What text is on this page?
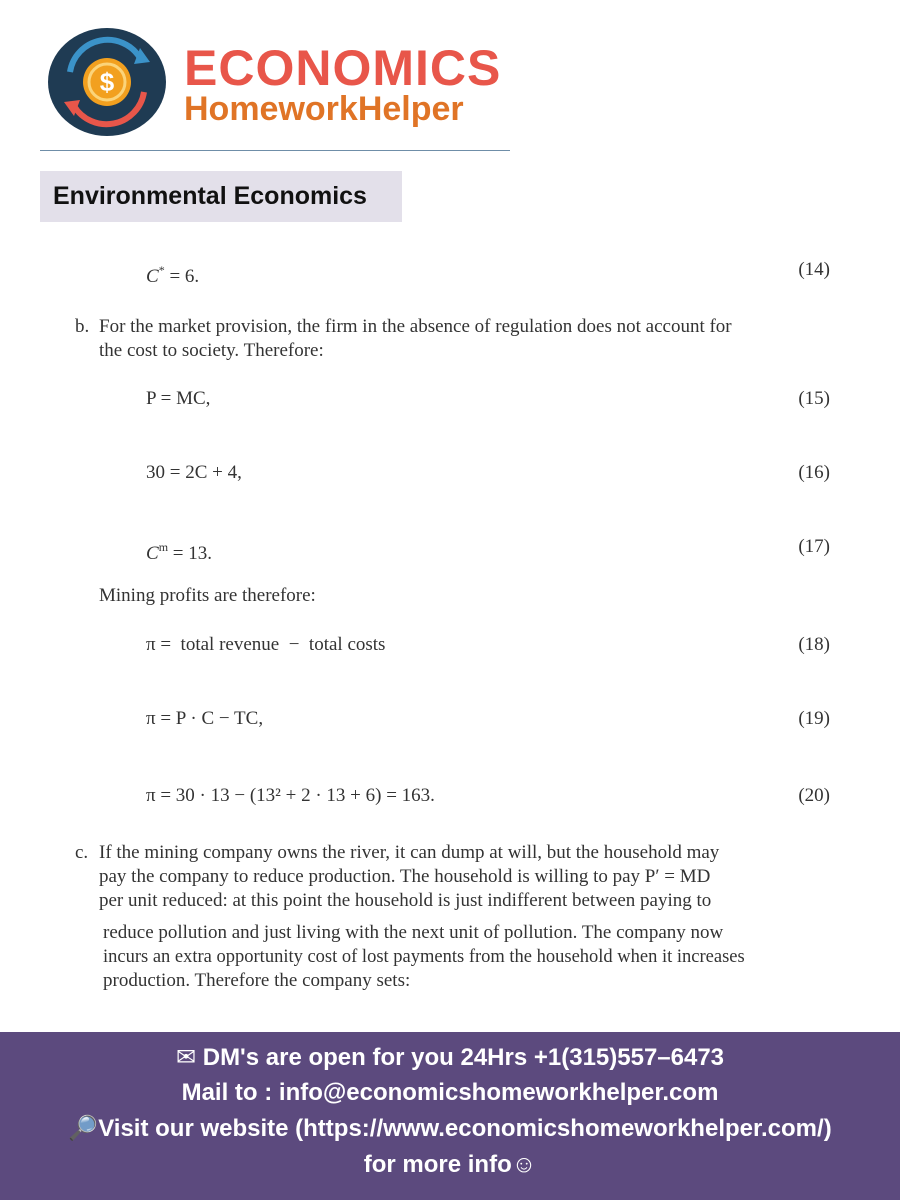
$ ECONOMICS
HomeworkHelper
Environmental Economics
C* = 6.	(14)
b. For the market provision, the firm in the absence of regulation does not account for
the cost to society. Therefore:
P = MC,	(15)
30 = 2C + 4,	(16)
$C^m = 13$.	(17)
Mining profits are therefore:
π =  total revenue  −  total costs	(18)
π = P · C − TC,	(19)
π = 30 · 13 − (13² + 2 · 13 + 6) = 163.	(20)
c. If the mining company owns the river, it can dump at will, but the household may
pay the company to reduce production. The household is willing to pay P′ = MD
per unit reduced: at this point the household is just indifferent between paying to
reduce pollution and just living with the next unit of pollution. The company now
incurs an extra opportunity cost of lost payments from the household when it increases
production. Therefore the company sets:
✉ DM's are open for you 24Hrs +1(315)557–6473
Mail to : info@economicshomeworkhelper.com
🔎Visit our website (https://www.economicshomeworkhelper.com/)
for more info☺
